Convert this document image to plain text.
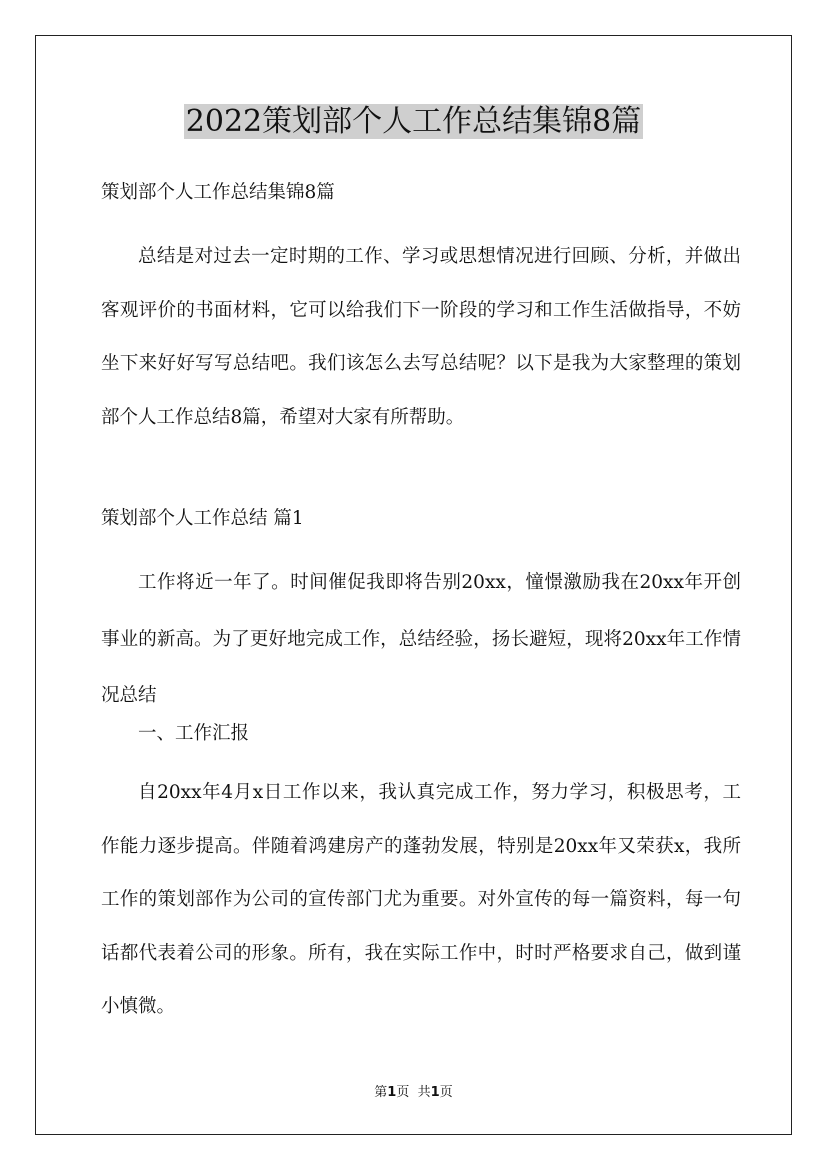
2022策划部个人工作总结集锦8篇

策划部个人工作总结集锦8篇

总结是对过去一定时期的工作、学习或思想情况进行回顾、分析，并做出客观评价的书面材料，它可以给我们下一阶段的学习和工作生活做指导，不妨坐下来好好写写总结吧。我们该怎么去写总结呢？以下是我为大家整理的策划部个人工作总结8篇，希望对大家有所帮助。

策划部个人工作总结 篇1

工作将近一年了。时间催促我即将告别20xx，憧憬激励我在20xx年开创事业的新高。为了更好地完成工作，总结经验，扬长避短，现将20xx年工作情况总结

一、工作汇报

自20xx年4月x日工作以来，我认真完成工作，努力学习，积极思考，工作能力逐步提高。伴随着鸿建房产的蓬勃发展，特别是20xx年又荣获x，我所工作的策划部作为公司的宣传部门尤为重要。对外宣传的每一篇资料，每一句话都代表着公司的形象。所有，我在实际工作中，时时严格要求自己，做到谨小慎微。

第1页 共1页
